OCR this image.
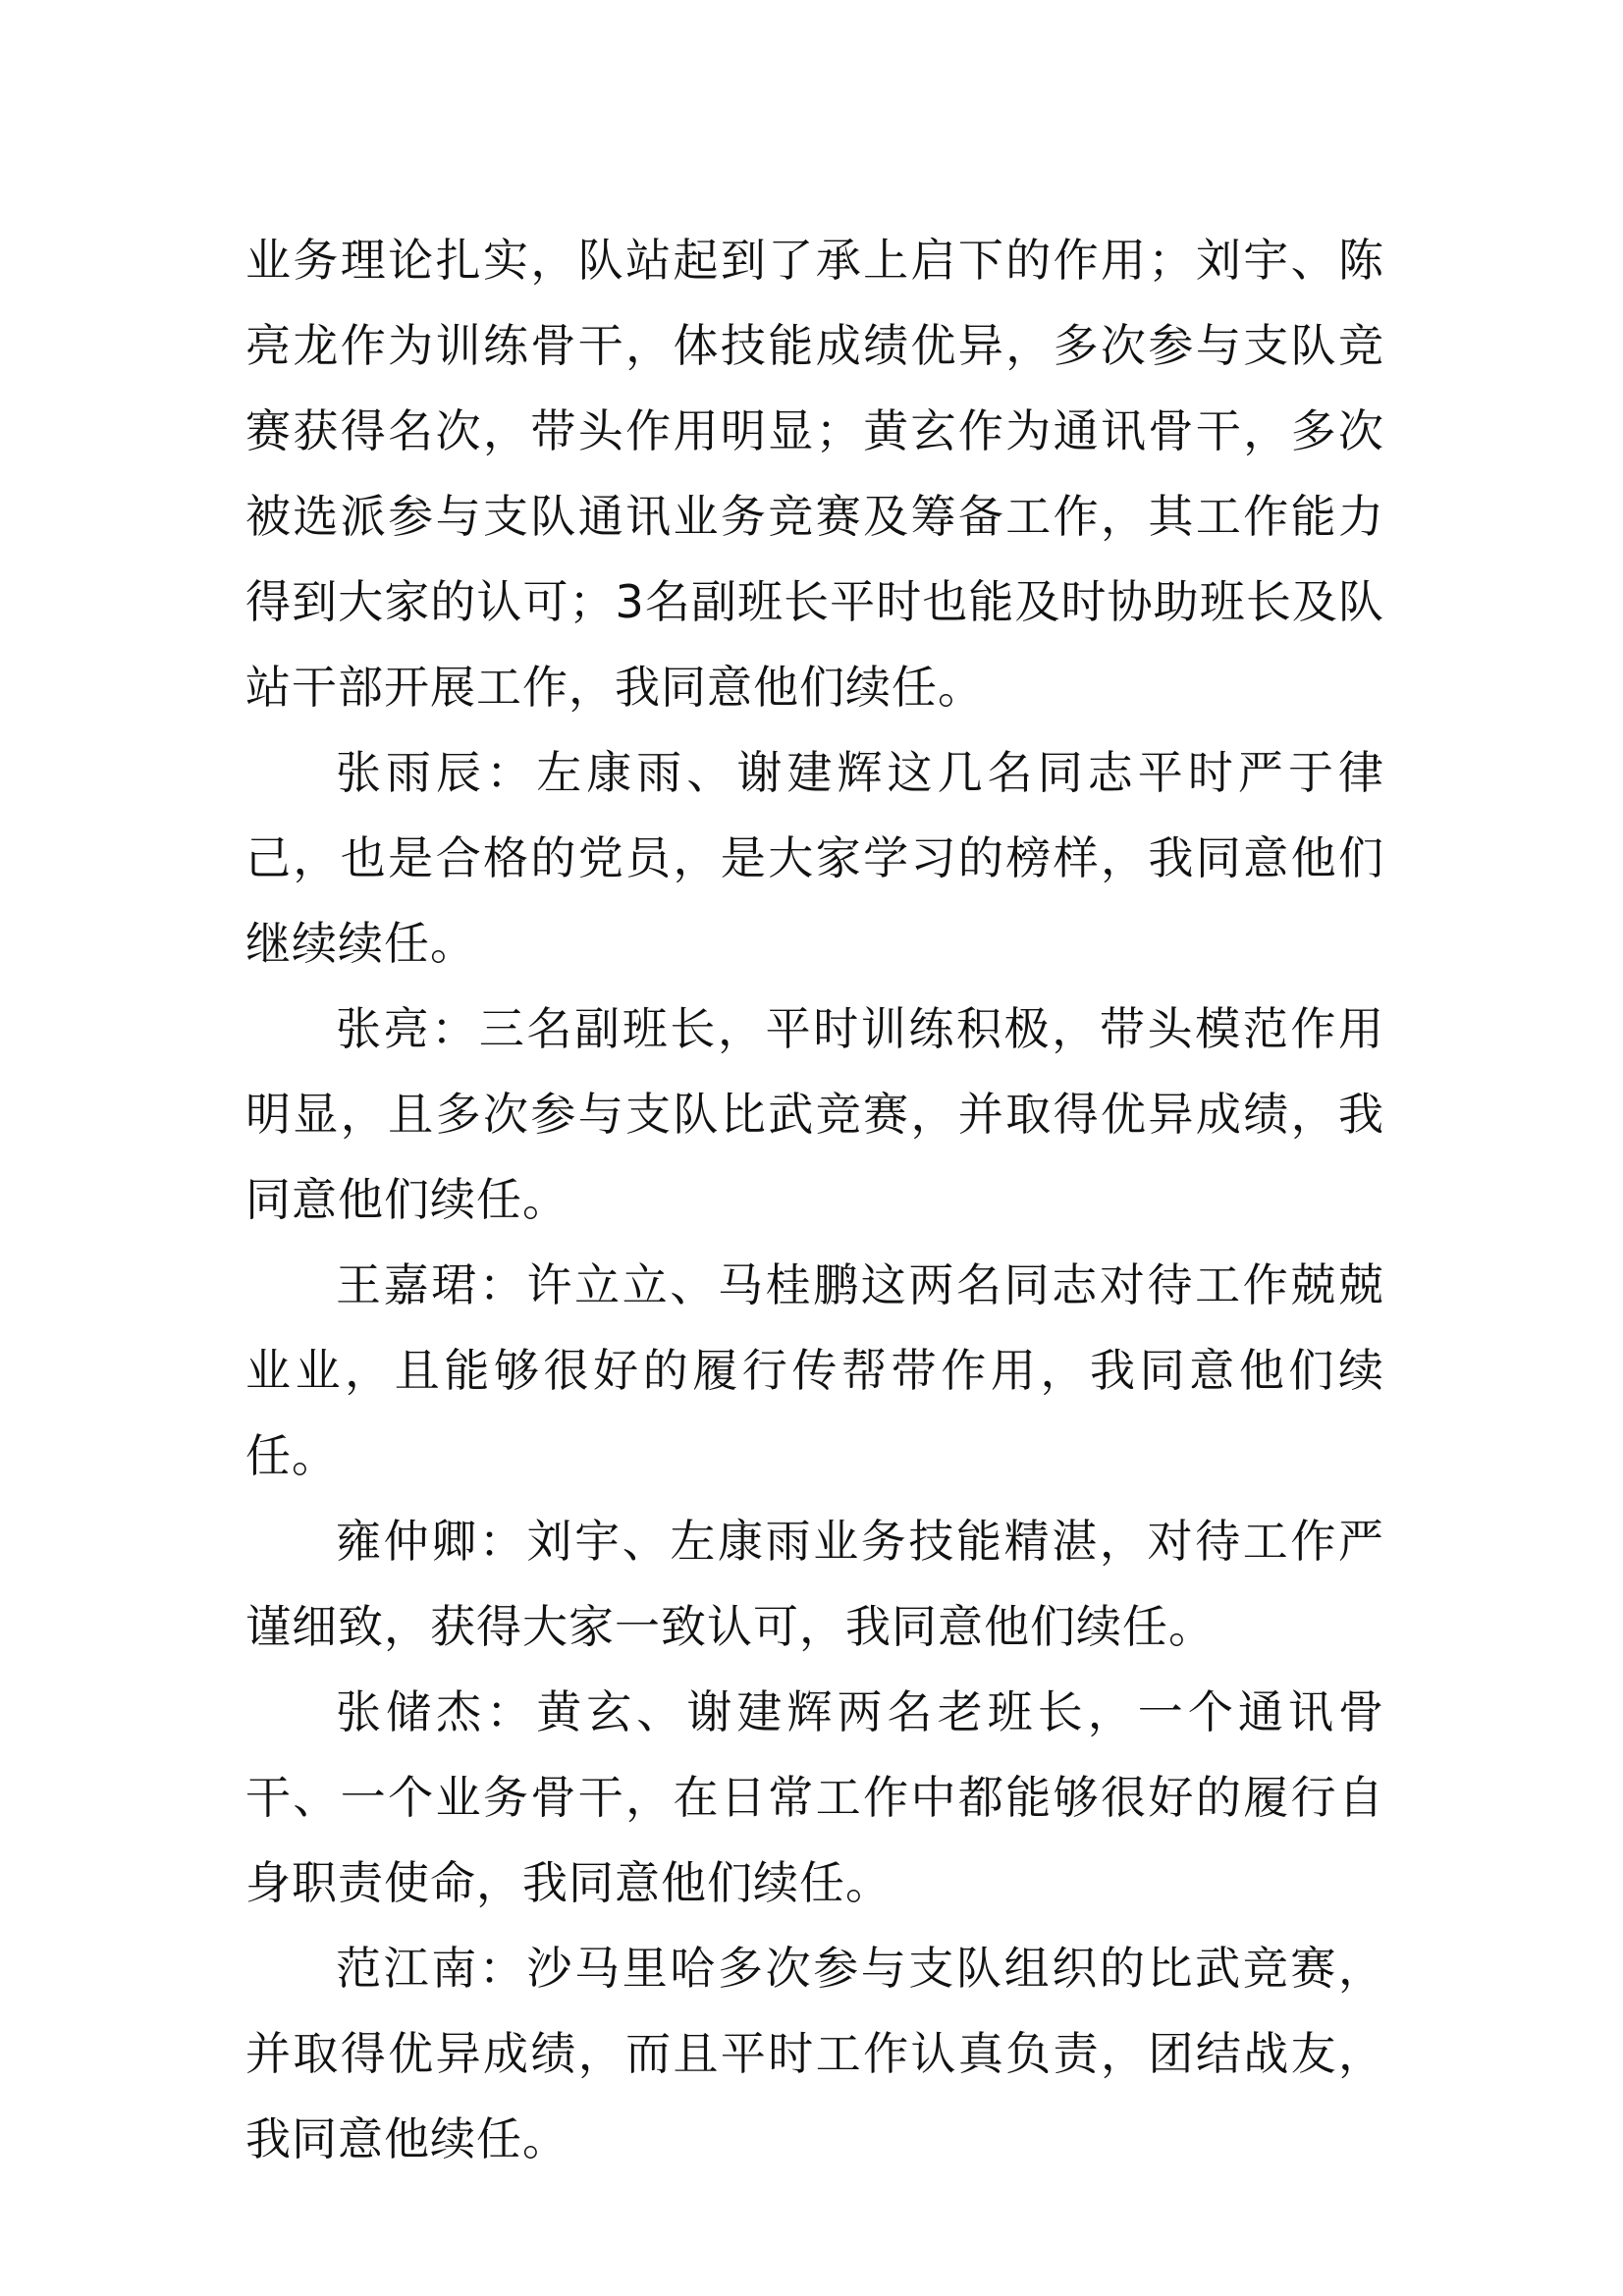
业务理论扎实，队站起到了承上启下的作用；刘宇、陈亮龙作为训练骨干，体技能成绩优异，多次参与支队竞赛获得名次，带头作用明显；黄玄作为通讯骨干，多次被选派参与支队通讯业务竞赛及筹备工作，其工作能力得到大家的认可；3名副班长平时也能及时协助班长及队站干部开展工作，我同意他们续任。

张雨辰：左康雨、谢建辉这几名同志平时严于律己，也是合格的党员，是大家学习的榜样，我同意他们继续续任。

张亮：三名副班长，平时训练积极，带头模范作用明显，且多次参与支队比武竞赛，并取得优异成绩，我同意他们续任。

王嘉珺：许立立、马桂鹏这两名同志对待工作兢兢业业，且能够很好的履行传帮带作用，我同意他们续任。

雍仲卿：刘宇、左康雨业务技能精湛，对待工作严谨细致，获得大家一致认可，我同意他们续任。

张储杰：黄玄、谢建辉两名老班长，一个通讯骨干、一个业务骨干，在日常工作中都能够很好的履行自身职责使命，我同意他们续任。

范江南：沙马里哈多次参与支队组织的比武竞赛，并取得优异成绩，而且平时工作认真负责，团结战友，我同意他续任。
